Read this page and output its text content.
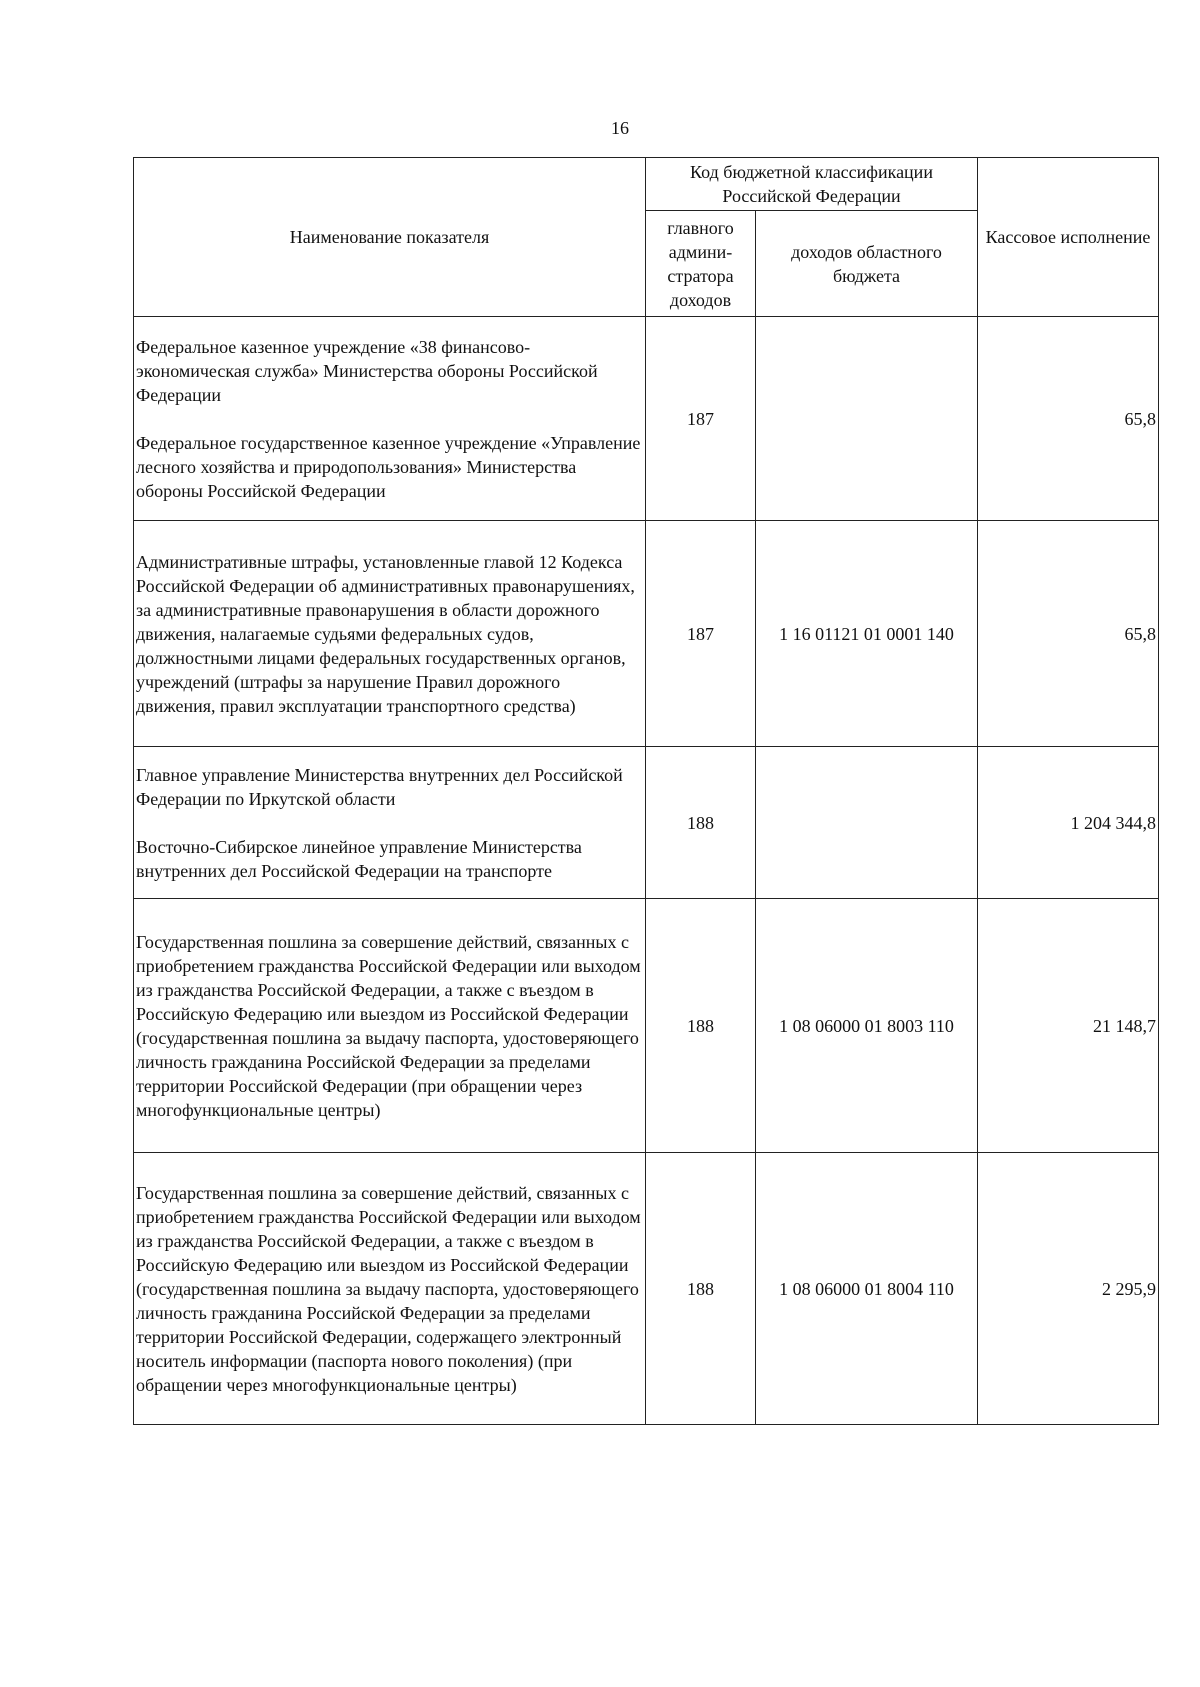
16
Наименование показателя	Код бюджетной классификации Российской Федерации		Кассовое исполнение
	главного админи-стратора доходов	доходов областного бюджета	

Федеральное казенное учреждение «38 финансово-экономическая служба» Министерства обороны Российской Федерации
Федеральное государственное казенное учреждение «Управление лесного хозяйства и природопользования» Министерства обороны Российской Федерации	187		65,8

Административные штрафы, установленные главой 12 Кодекса Российской Федерации об административных правонарушениях, за административные правонарушения в области дорожного движения, налагаемые судьями федеральных судов, должностными лицами федеральных государственных органов, учреждений (штрафы за нарушение Правил дорожного движения, правил эксплуатации транспортного средства)	187	1 16 01121 01 0001 140	65,8

Главное управление Министерства внутренних дел Российской Федерации по Иркутской области
Восточно-Сибирское линейное управление Министерства внутренних дел Российской Федерации на транспорте	188		1 204 344,8

Государственная пошлина за совершение действий, связанных с приобретением гражданства Российской Федерации или выходом из гражданства Российской Федерации, а также с въездом в Российскую Федерацию или выездом из Российской Федерации (государственная пошлина за выдачу паспорта, удостоверяющего личность гражданина Российской Федерации за пределами территории Российской Федерации (при обращении через многофункциональные центры)	188	1 08 06000 01 8003 110	21 148,7

Государственная пошлина за совершение действий, связанных с приобретением гражданства Российской Федерации или выходом из гражданства Российской Федерации, а также с въездом в Российскую Федерацию или выездом из Российской Федерации (государственная пошлина за выдачу паспорта, удостоверяющего личность гражданина Российской Федерации за пределами территории Российской Федерации, содержащего электронный носитель информации (паспорта нового поколения) (при обращении через многофункциональные центры)	188	1 08 06000 01 8004 110	2 295,9
